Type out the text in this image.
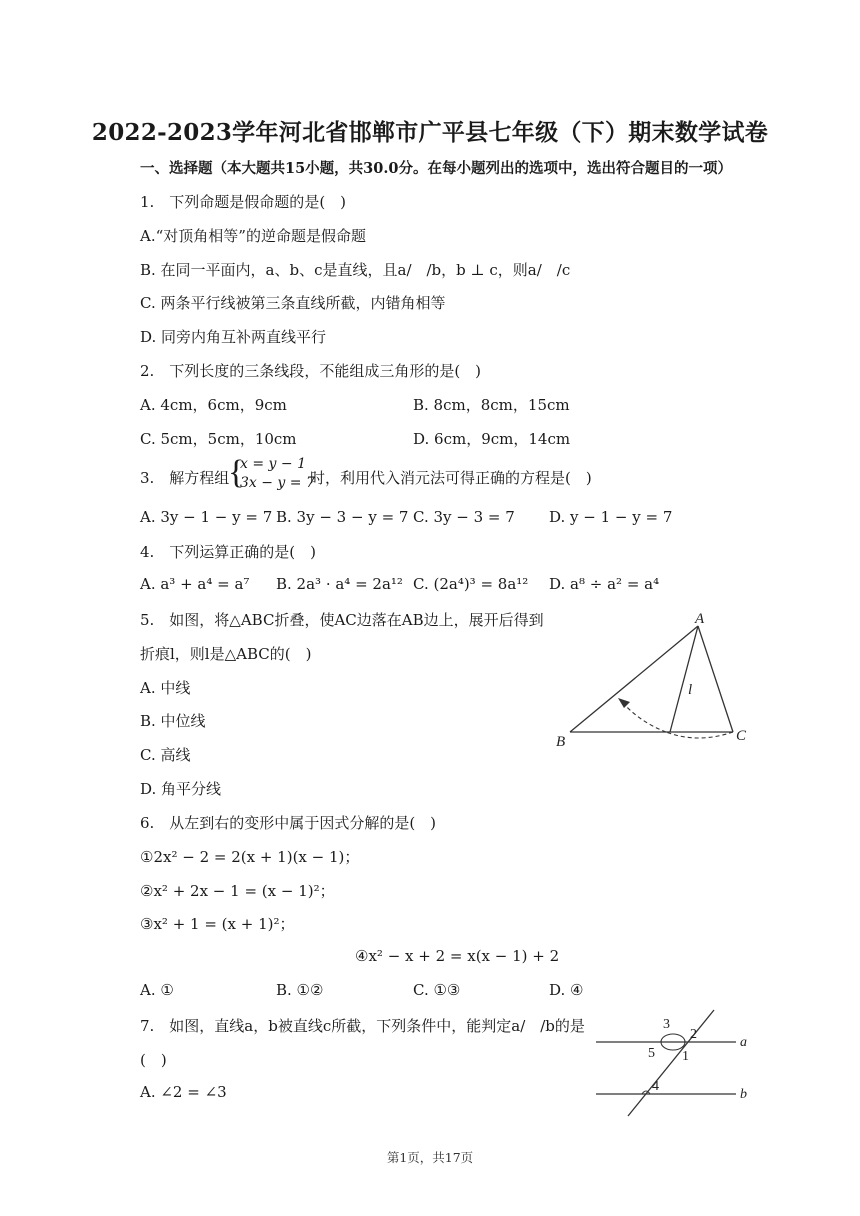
2022-2023学年河北省邯郸市广平县七年级（下）期末数学试卷
一、选择题（本大题共15小题，共30.0分。在每小题列出的选项中，选出符合题目的一项）
1.　下列命题是假命题的是(　)
A.“对顶角相等”的逆命题是假命题
B. 在同一平面内，a、b、c是直线，且a/　/b，b ⊥ c，则a/　/c
C. 两条平行线被第三条直线所截，内错角相等
D. 同旁内角互补两直线平行
2.　下列长度的三条线段，不能组成三角形的是(　)
A. 4cm，6cm，9cm	B. 8cm，8cm，15cm
C. 5cm，5cm，10cm	D. 6cm，9cm，14cm
3.　解方程组
{
x = y − 1
3x − y = 7
时，利用代入消元法可得正确的方程是(　)
A. 3y − 1 − y = 7 B. 3y − 3 − y = 7 C. 3y − 3 = 7 D. y − 1 − y = 7
4.　下列运算正确的是(　)
A. a³ + a⁴ = a⁷ B. 2a³ · a⁴ = 2a¹² C. (2a⁴)³ = 8a¹² D. a⁸ ÷ a² = a⁴
5.　如图，将△ABC折叠，使AC边落在AB边上，展开后得到
折痕l，则l是△ABC的(　)
A. 中线
B. 中位线
C. 高线
D. 角平分线
A
B	C
l
6.　从左到右的变形中属于因式分解的是(　)
①2x² − 2 = 2(x + 1)(x − 1)；
②x² + 2x − 1 = (x − 1)²；
③x² + 1 = (x + 1)²；
④x² − x + 2 = x(x − 1) + 2
A. ①	B. ①②	C. ①③	D. ④
7.　如图，直线a，b被直线c所截，下列条件中，能判定a/　/b的是
(　)
A. ∠2 = ∠3
3
2
1
5
4
a
b
第1页，共17页
